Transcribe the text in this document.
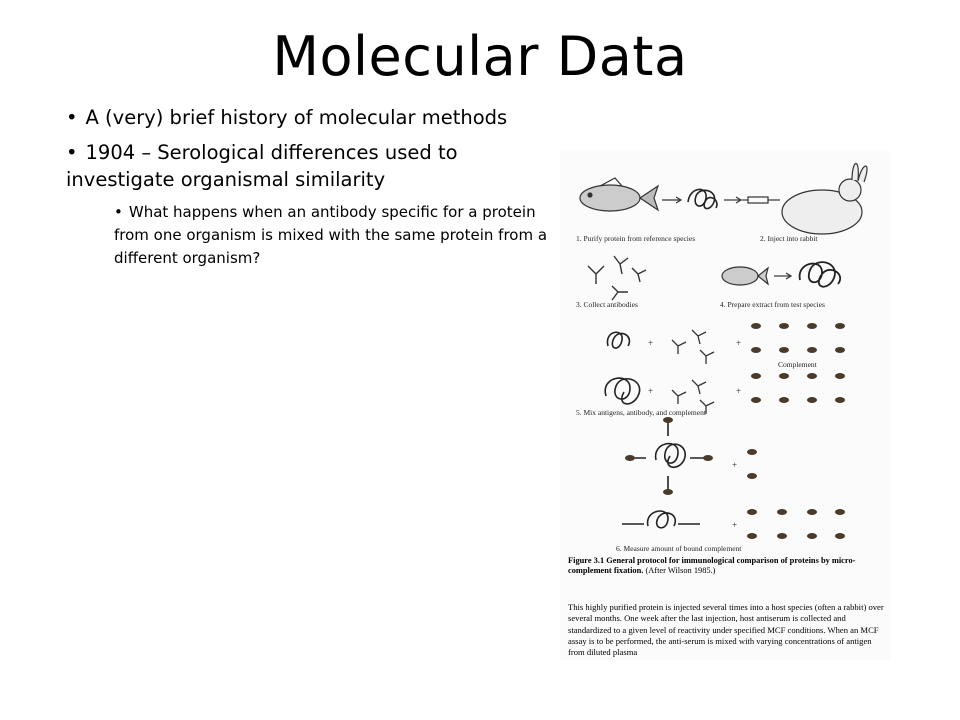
Molecular Data
• A (very) brief history of molecular methods
• 1904 – Serological differences used to investigate organismal similarity
• What happens when an antibody specific for a protein from one organism is mixed with the same protein from a different organism?
1. Purify protein from reference species	2. Inject into rabbit
3. Collect antibodies	4. Prepare extract from test species
Complement
5. Mix antigens, antibody, and complement
6. Measure amount of bound complement
+	+
+	+
+
+
Figure 3.1 General protocol for immunological comparison of proteins by micro-complement fixation. (After Wilson 1985.)
This highly purified protein is injected several times into a host species (often a rabbit) over several months. One week after the last injection, host antiserum is collected and standardized to a given level of reactivity under specified MCF conditions. When an MCF assay is to be performed, the anti-serum is mixed with varying concentrations of antigen from diluted plasma
